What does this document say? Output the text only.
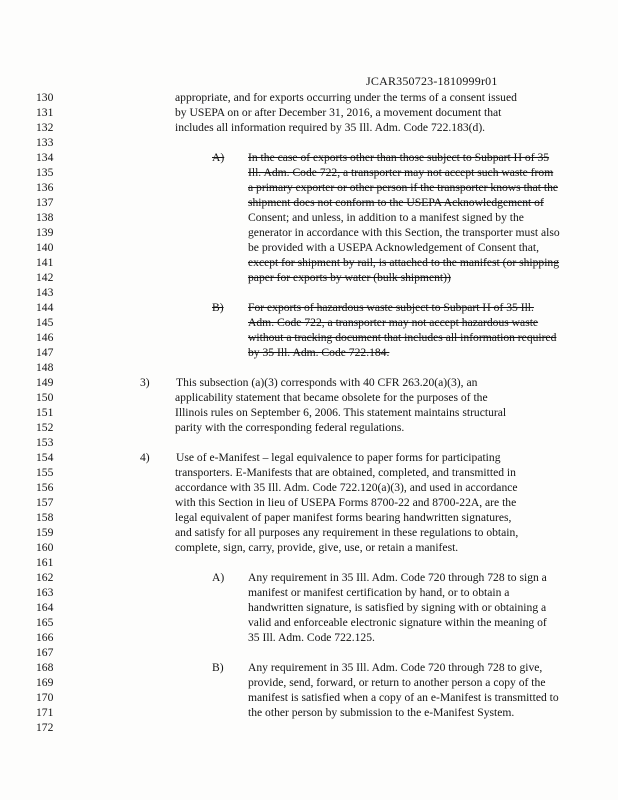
JCAR350723-1810999r01
130	appropriate, and for exports occurring under the terms of a consent issued
131	by USEPA on or after December 31, 2016, a movement document that
132	includes all information required by 35 Ill. Adm. Code 722.183(d).
133
134	A)	In the case of exports other than those subject to Subpart H of 35
135	Ill. Adm. Code 722, a transporter may not accept such waste from
136	a primary exporter or other person if the transporter knows that the
137	shipment does not conform to the USEPA Acknowledgement of
138	Consent; and unless, in addition to a manifest signed by the
139	generator in accordance with this Section, the transporter must also
140	be provided with a USEPA Acknowledgement of Consent that,
141	except for shipment by rail, is attached to the manifest (or shipping
142	paper for exports by water (bulk shipment))
143
144	B)	For exports of hazardous waste subject to Subpart H of 35 Ill.
145	Adm. Code 722, a transporter may not accept hazardous waste
146	without a tracking document that includes all information required
147	by 35 Ill. Adm. Code 722.184.
148
149	3)	This subsection (a)(3) corresponds with 40 CFR 263.20(a)(3), an
150	applicability statement that became obsolete for the purposes of the
151	Illinois rules on September 6, 2006. This statement maintains structural
152	parity with the corresponding federal regulations.
153
154	4)	Use of e-Manifest – legal equivalence to paper forms for participating
155	transporters. E-Manifests that are obtained, completed, and transmitted in
156	accordance with 35 Ill. Adm. Code 722.120(a)(3), and used in accordance
157	with this Section in lieu of USEPA Forms 8700-22 and 8700-22A, are the
158	legal equivalent of paper manifest forms bearing handwritten signatures,
159	and satisfy for all purposes any requirement in these regulations to obtain,
160	complete, sign, carry, provide, give, use, or retain a manifest.
161
162	A)	Any requirement in 35 Ill. Adm. Code 720 through 728 to sign a
163	manifest or manifest certification by hand, or to obtain a
164	handwritten signature, is satisfied by signing with or obtaining a
165	valid and enforceable electronic signature within the meaning of
166	35 Ill. Adm. Code 722.125.
167
168	B)	Any requirement in 35 Ill. Adm. Code 720 through 728 to give,
169	provide, send, forward, or return to another person a copy of the
170	manifest is satisfied when a copy of an e-Manifest is transmitted to
171	the other person by submission to the e-Manifest System.
172
